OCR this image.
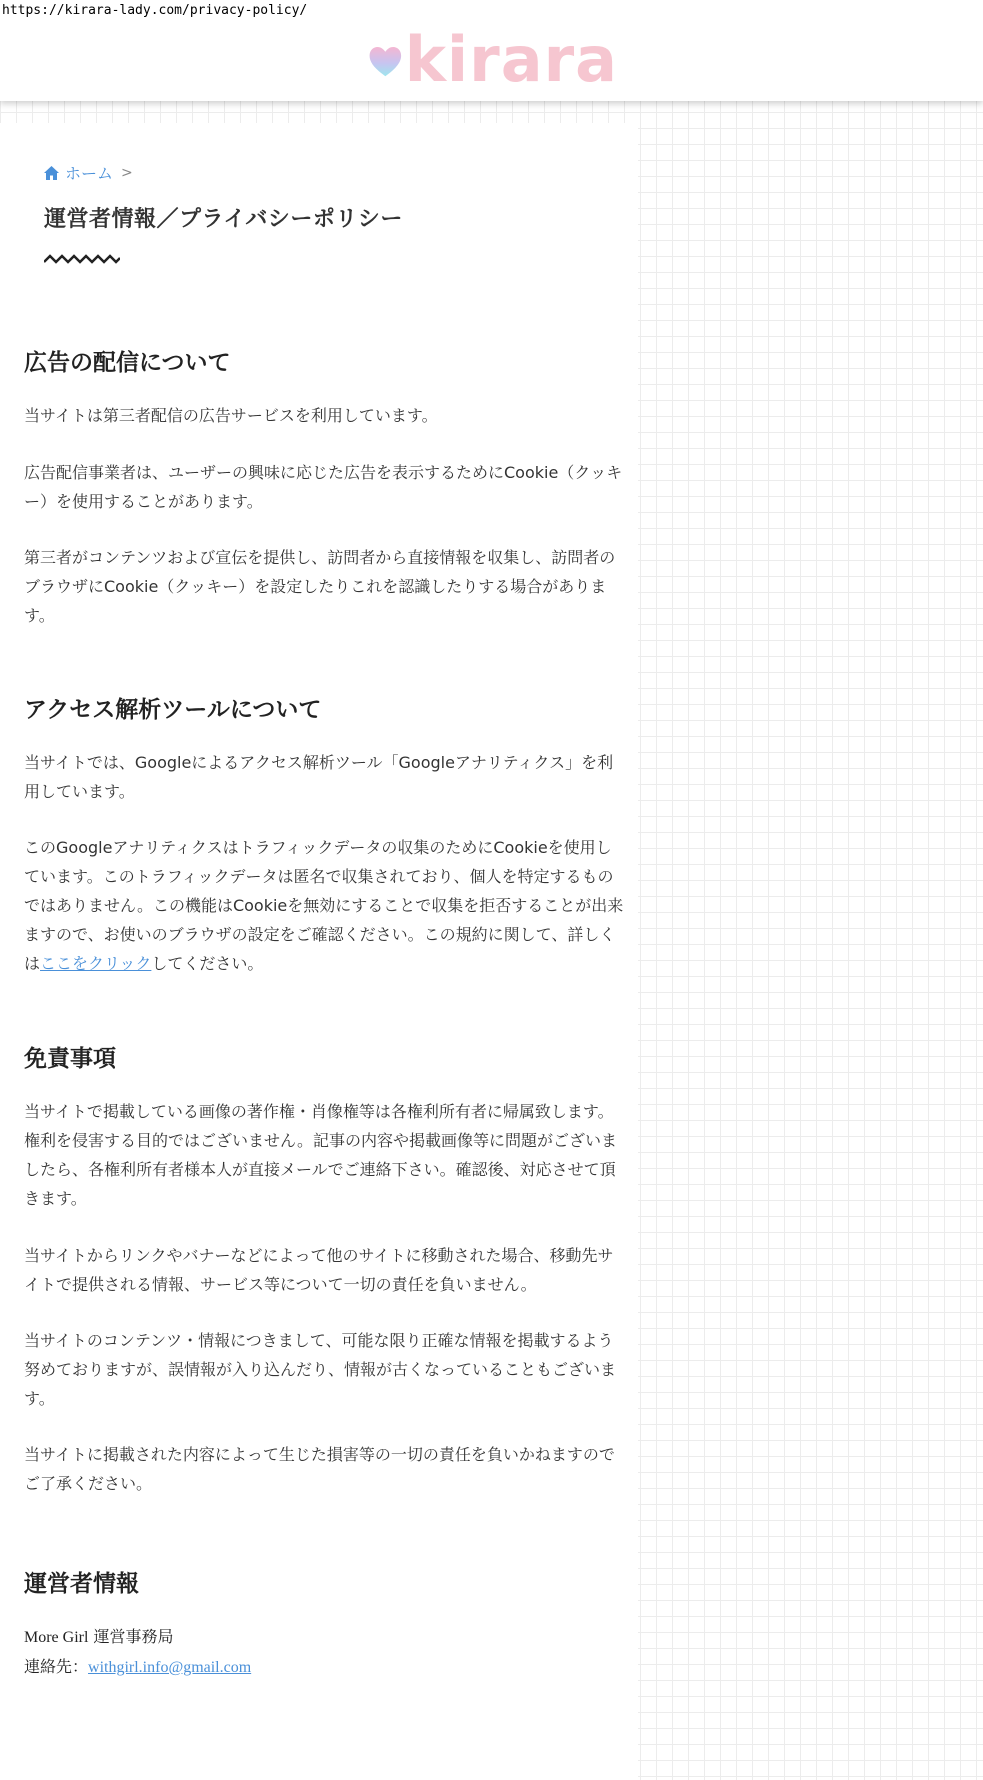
kirara
https://kirara-lady.com/privacy-policy/
ホーム >
運営者情報／プライバシーポリシー
広告の配信について

当サイトは第三者配信の広告サービスを利用しています。

広告配信事業者は、ユーザーの興味に応じた広告を表示するためにCookie（クッキー）を使用することがあります。

第三者がコンテンツおよび宣伝を提供し、訪問者から直接情報を収集し、訪問者のブラウザにCookie（クッキー）を設定したりこれを認識したりする場合があります。

アクセス解析ツールについて

当サイトでは、Googleによるアクセス解析ツール「Googleアナリティクス」を利用しています。

このGoogleアナリティクスはトラフィックデータの収集のためにCookieを使用しています。このトラフィックデータは匿名で収集されており、個人を特定するものではありません。この機能はCookieを無効にすることで収集を拒否することが出来ますので、お使いのブラウザの設定をご確認ください。この規約に関して、詳しくはここをクリックしてください。

免責事項

当サイトで掲載している画像の著作権・肖像権等は各権利所有者に帰属致します。権利を侵害する目的ではございません。記事の内容や掲載画像等に問題がございましたら、各権利所有者様本人が直接メールでご連絡下さい。確認後、対応させて頂きます。

当サイトからリンクやバナーなどによって他のサイトに移動された場合、移動先サイトで提供される情報、サービス等について一切の責任を負いません。

当サイトのコンテンツ・情報につきまして、可能な限り正確な情報を掲載するよう努めておりますが、誤情報が入り込んだり、情報が古くなっていることもございます。

当サイトに掲載された内容によって生じた損害等の一切の責任を負いかねますのでご了承ください。

運営者情報
More Girl 運営事務局
連絡先：withgirl.info@gmail.com
